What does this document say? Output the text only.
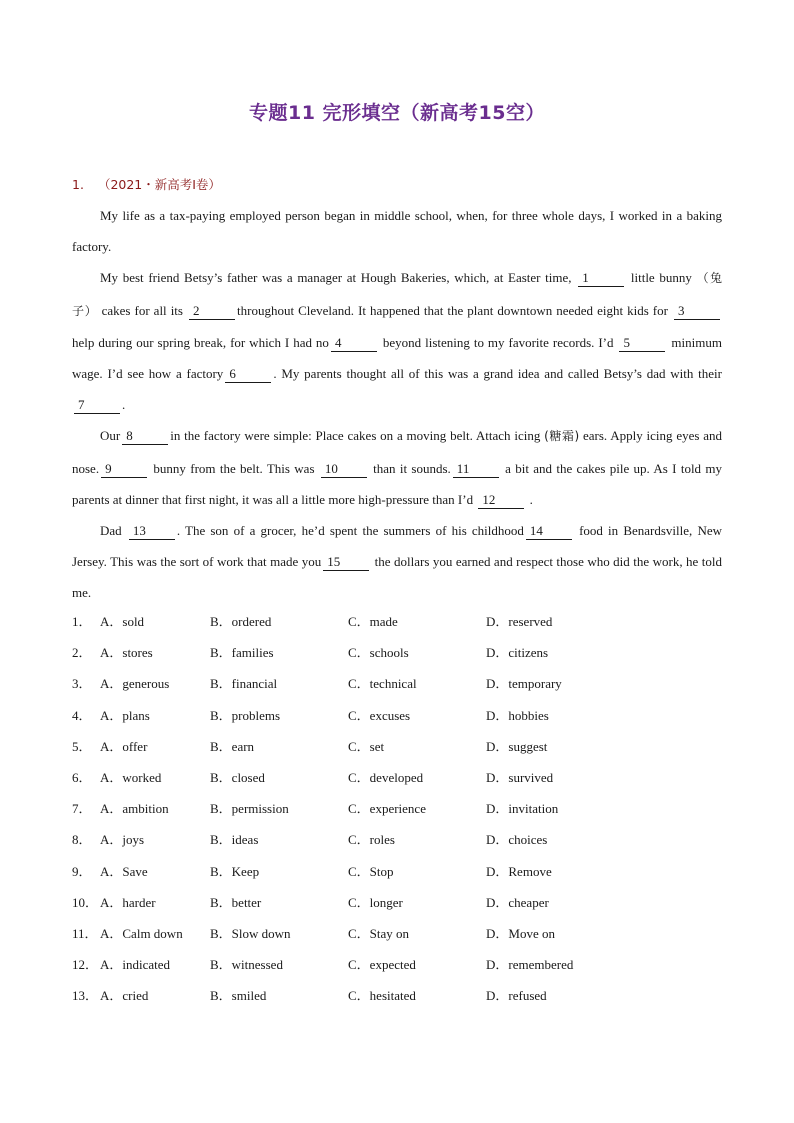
专题11 完形填空（新高考15空）
1. （2021・新高考I卷）

My life as a tax-paying employed person began in middle school, when, for three whole days, I worked in a baking factory.

My best friend Betsy’s father was a manager at Hough Bakeries, which, at Easter time, 1	little bunny （兔 子） cakes for all its 2	throughout Cleveland. It happened that the plant downtown needed eight kids for 3 help during our spring break, for which I had no 4	beyond listening to my favorite records. I’d 5	minimum wage. I’d see how a factory 6	. My parents thought all of this was a grand idea and called Betsy’s dad with their 7	.

Our 8	in the factory were simple: Place cakes on a moving belt. Attach icing (糖霜) ears. Apply icing eyes and nose. 9	bunny from the belt. This was 10 than it sounds. 11 a bit and the cakes pile up. As I told my parents at dinner that first night, it was all a little more high-pressure than I’d 12 .

Dad 13 . The son of a grocer, he’d spent the summers of his childhood 14 food in Benardsville, New Jersey. This was the sort of work that made you 15 the dollars you earned and respect those who did the work, he told me.

1． A．sold	B．ordered	C．made	D．reserved
2． A．stores	B．families	C．schools	D．citizens
3． A．generous	B．financial	C．technical	D．temporary
4． A．plans	B．problems	C．excuses	D．hobbies
5． A．offer	B．earn	C．set	D．suggest
6． A．worked	B．closed	C．developed	D．survived
7． A．ambition	B．permission	C．experience	D．invitation
8． A．joys	B．ideas	C．roles	D．choices
9． A．Save	B．Keep	C．Stop	D．Remove
10． A．harder	B．better	C．longer	D．cheaper
11． A．Calm down	B．Slow down	C．Stay on	D．Move on
12． A．indicated	B．witnessed	C．expected	D．remembered
13． A．cried	B．smiled	C．hesitated	D．refused
